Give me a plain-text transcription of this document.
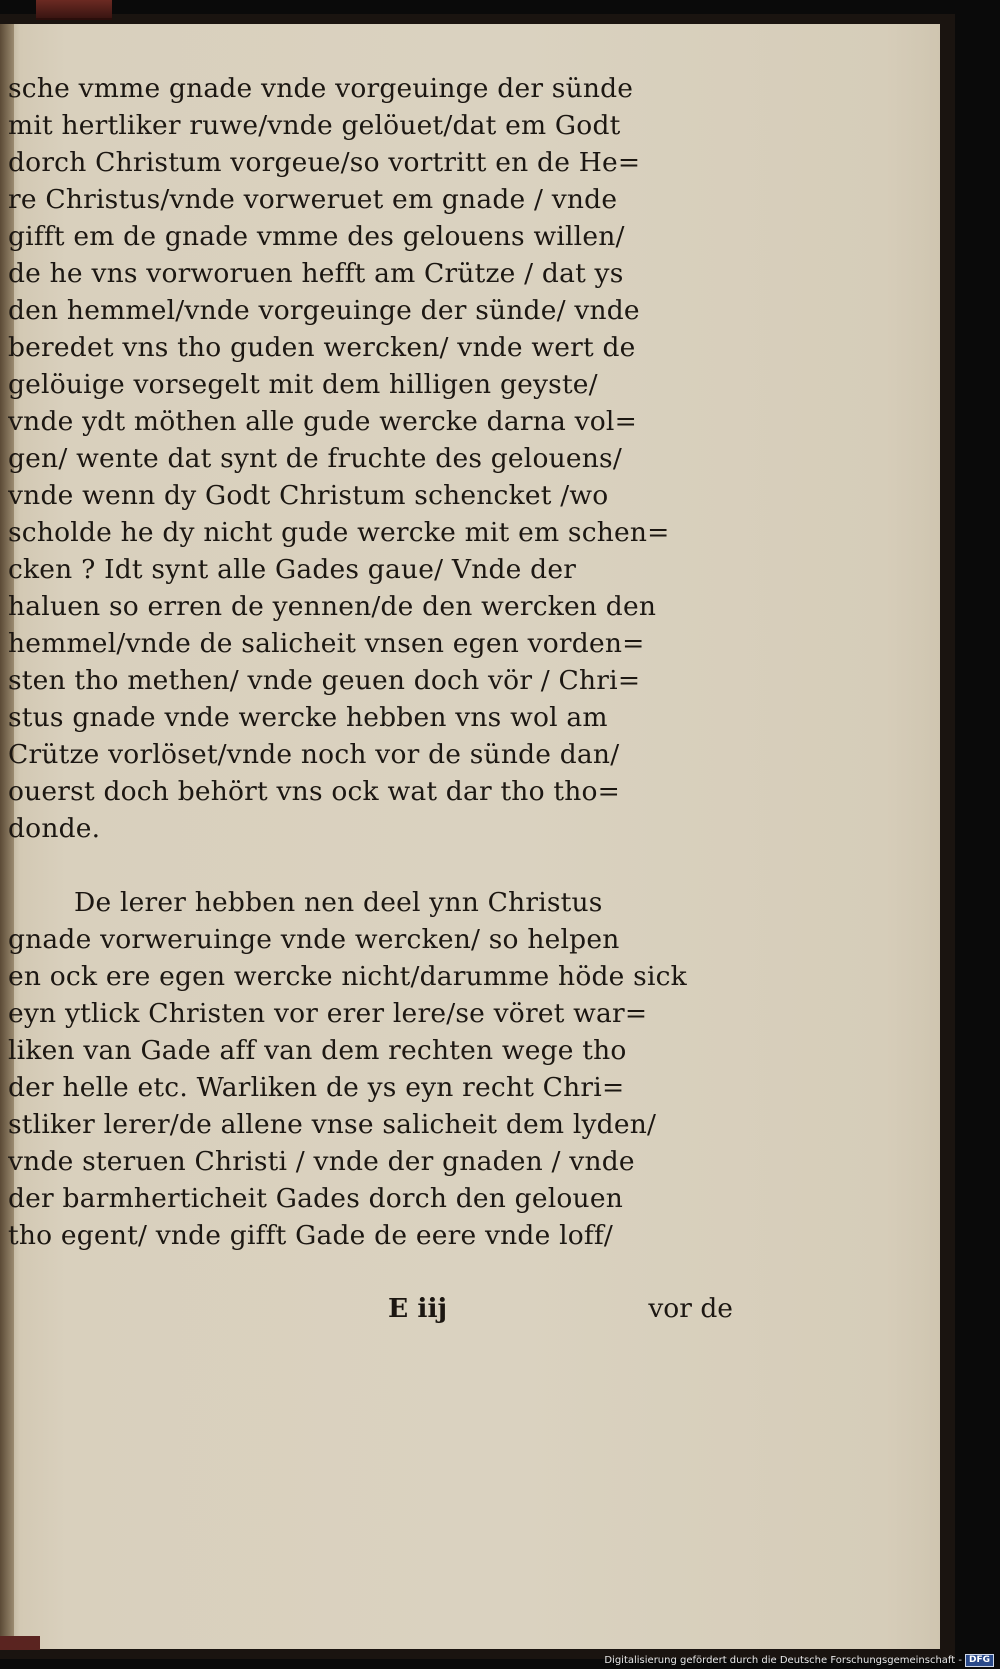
sche vmme gnade vnde vorgeuinge der sünde
mit hertliker ruwe/vnde gelöuet/dat em Godt
dorch Christum vorgeue/so vortritt en de He=
re Christus/vnde vorweruet em gnade / vnde
gifft em de gnade vmme des gelouens willen/
de he vns vorworuen hefft am Crütze / dat ys
den hemmel/vnde vorgeuinge der sünde/ vnde
beredet vns tho guden wercken/ vnde wert de
gelöuige vorsegelt mit dem hilligen geyste/
vnde ydt möthen alle gude wercke darna vol=
gen/ wente dat synt de fruchte des gelouens/
vnde wenn dy Godt Christum schencket /wo
scholde he dy nicht gude wercke mit em schen=
cken ? Idt synt alle Gades gaue/ Vnde der
haluen so erren de yennen/de den wercken den
hemmel/vnde de salicheit vnsen egen vorden=
sten tho methen/ vnde geuen doch vör / Chri=
stus gnade vnde wercke hebben vns wol am
Crütze vorlöset/vnde noch vor de sünde dan/
ouerst doch behört vns ock wat dar tho tho=
donde.
De lerer hebben nen deel ynn Christus
gnade vorweruinge vnde wercken/ so helpen
en ock ere egen wercke nicht/darumme hödе sick
eyn ytlick Christen vor erer lere/se vöret war=
liken van Gade aff van dem rechten wege tho
der helle etc. Warliken de ys eyn recht Chri=
stliker lerer/de allene vnse salicheit dem lyden/
vnde steruen Christi / vnde der gnaden / vnde
der barmhertichеit Gades dorch den gelouen
tho egent/ vnde gifft Gade de eere vnde loff/
E iij	vor de
Digitalisierung gefördert durch die Deutsche Forschungsgemeinschaft - DFG
